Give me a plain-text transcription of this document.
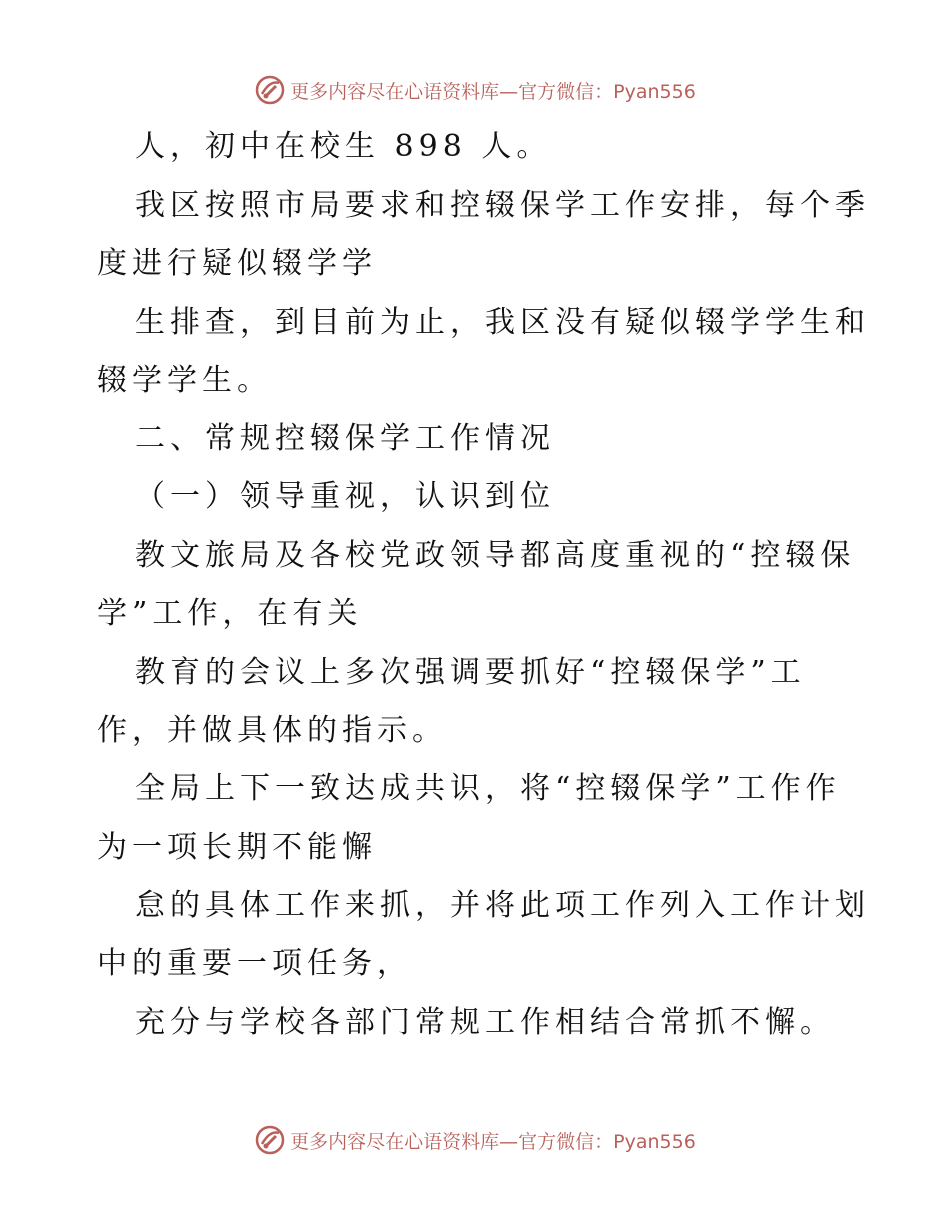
更多内容尽在心语资料库—官方微信：Pyan556
人，初中在校生 898 人。
我区按照市局要求和控辍保学工作安排，每个季
度进行疑似辍学学
生排查，到目前为止，我区没有疑似辍学学生和
辍学学生。
二、常规控辍保学工作情况
（一）领导重视，认识到位
教文旅局及各校党政领导都高度重视的“控辍保
学”工作，在有关
教育的会议上多次强调要抓好“控辍保学”工
作，并做具体的指示。
全局上下一致达成共识，将“控辍保学”工作作
为一项长期不能懈
怠的具体工作来抓，并将此项工作列入工作计划
中的重要一项任务，
充分与学校各部门常规工作相结合常抓不懈。
更多内容尽在心语资料库—官方微信：Pyan556
